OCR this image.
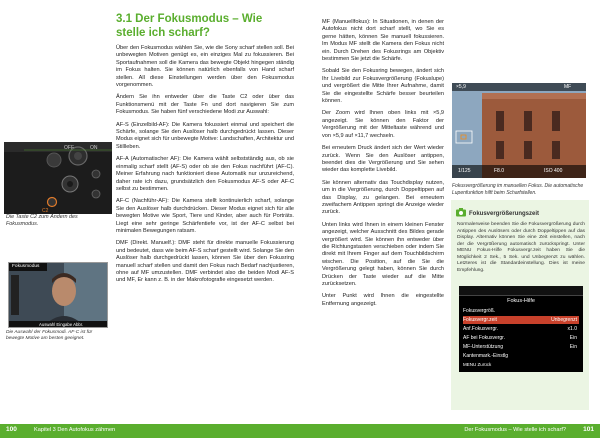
3.1 Der Fokusmodus – Wie stelle ich scharf?

Über den Fokusmodus wählen Sie, wie die Sony scharf stellen soll. Bei unbewegten Motiven genügt es, ein einziges Mal zu fokussieren. Bei Sportaufnahmen soll die Kamera das bewegte Objekt hingegen ständig im Fokus halten. Sie können natürlich ebenfalls von Hand scharf stellen. All diese Einstellungen werden über den Fokusmodus vorgenommen.

Ändern Sie ihn entweder über die Taste C2 oder über das Funktionsmenü mit der Taste Fn und dort navigieren Sie zum Fokusmodus. Sie haben fünf verschiedene Modi zur Auswahl:

AF-S (Einzelbild-AF): Die Kamera fokussiert einmal und speichert die Schärfe, solange Sie den Auslöser halb durchgedrückt lassen. Dieser Modus eignet sich für unbewegte Motive: Landschaften, Architektur und Stillleben.

AF-A (Automatischer AF): Die Kamera wählt selbstständig aus, ob sie einmalig scharf stellt (AF-S) oder ob sie den Fokus nachführt (AF-C). Meiner Erfahrung nach funktioniert diese Automatik nur unzureichend, daher rate ich dazu, grundsätzlich den Fokusmodus AF-S oder AF-C selbst zu bestimmen.

AF-C (Nachführ-AF): Die Kamera stellt kontinuierlich scharf, solange Sie den Auslöser halb durchdrücken. Dieser Modus eignet sich für alle bewegten Motive wie Sport, Tiere und Kinder, aber auch für Porträts. Liegt eine sehr geringe Schärfentiefe vor, ist der AF-C selbst bei minimalen Bewegungen ratsam.

DMF (Direkt. Manuelf.): DMF steht für direkte manuelle Fokussierung und bedeutet, dass wie beim AF-S scharf gestellt wird. Solange Sie den Auslöser halb durchgedrückt lassen, können Sie über den Fokusring manuell scharf stellen und damit den Fokus nach Bedarf nachjustieren, ohne auf MF umzustellen. DMF verbindet also die beiden Modi AF-S und MF, Er kann z. B. in der Makrofotografie eingesetzt werden.

OFF	ON
C2
Die Taste C2 zum Ändern des Fokusmodus.
Fokusmodus
Auswahl Eingabe Abbr.
Die Auswahl der Fokusmodi. AF-C ist für bewegte Motive am besten geeignet.
100	Kapitel 3 Den Autofokus zähmen

MF (Manuellfokus): In Situationen, in denen der Autofokus nicht dort scharf stellt, wo Sie es gerne hätten, können Sie manuell fokussieren. Im Modus MF stellt die Kamera den Fokus nicht ein. Durch Drehen des Fokusrings am Objektiv bestimmen Sie jetzt die Schärfe.

Sobald Sie den Fokusring bewegen, ändert sich Ihr Livebild zur Fokusvergrößerung (Fokuslupe) und vergrößert die Mitte Ihrer Aufnahme, damit Sie die eingestellte Schärfe besser beurteilen können.

Der Zoom wird Ihnen oben links mit ×5,9 angezeigt. Sie können den Faktor der Vergrößerung mit der Mitteltaste während und von ×5,9 auf ×11,7 wechseln.

Bei erneutem Druck ändert sich der Wert wieder zurück. Wenn Sie den Auslöser antippen, beendet dies die Vergrößerung und Sie sehen wieder das komplette Livebild.

Sie können alternativ das Touchdisplay nutzen, um in die Vergrößerung, durch Doppeltippen auf das Display, zu gelangen. Bei erneutem zweifachem Antippen springt die Anzeige wieder zurück.

Unten links wird Ihnen in einem kleinen Fenster angezeigt, welcher Ausschnitt des Bildes gerade vergrößert wird. Sie können ihn entweder über die Richtungstasten verschieben oder indem Sie direkt mit Ihrem Finger auf dem Touchbildschirm wischen. Die Position, auf die Sie die Vergrößerung gelegt haben, können Sie durch Drücken der Taste wieder auf die Mitte zurücksetzen.

Unter Punkt wird Ihnen die eingestellte Entfernung angezeigt.

×5,9
1/125	F8.0	ISO 400
MF
Fokusvergrößerung im manuellen Fokus. Die automatische Lupenfunktion hilft beim Scharfstellen.
Fokusvergrößerungszeit
Normalerweise beenden Sie die Fokusvergrößerung durch Antippen des Auslösers oder durch Doppeltippen auf das Display. Alternativ können Sie eine Zeit einstellen, nach der die Vergrößerung automatisch zurückspringt. Unter MENU Fokus-Hilfe Fokusvergr.zeit haben Sie die Möglichkeit 2 Sek., 5 Sek. und Unbegrenzt zu wählen. Letzteres ist die Standardeinstellung. Dies ist meine Empfehlung.
Fokus-Hilfe
Fokusvergröß.
Fokusvergr.zeit	Unbegrenzt
Anf.Fokusvergr.	x1.0
AF bei Fokusvergr.	Ein
MF-Unterstützung	Ein
Kantenmark.-Einstlg
MENU Zurück
Der Fokusmodus – Wie stelle ich scharf?	101
